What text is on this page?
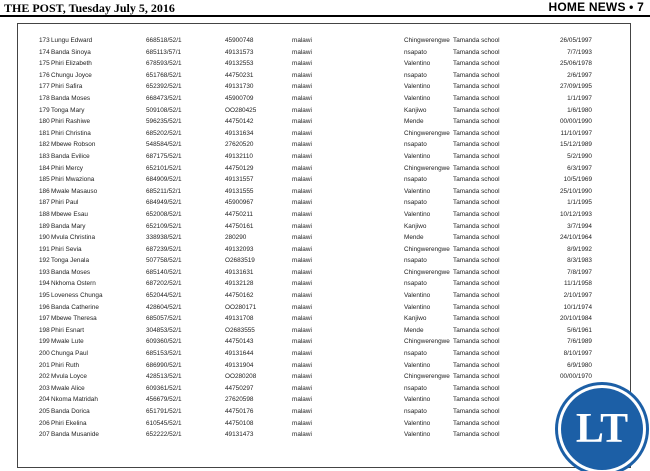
THE POST, Tuesday July 5, 2016	HOME NEWS • 7
173 Lungu Edward	668518/52/1	45900748	malawi	Chingwerengwe Tamanda school	26/05/1997
174 Banda Sinoya	685113/57/1	49131573	malawi	nsapato	Tamanda school	7/7/1993
175 Phiri Elizabeth	678593/52/1	49132553	malawi	Valentino	Tamanda school	25/06/1978
176 Chungu Joyce	651768/52/1	44750231	malawi	nsapato	Tamanda school	2/6/1997
177 Phiri Safira	652392/52/1	49131730	malawi	Valentino	Tamanda school	27/09/1995
178 Banda Moses	668473/52/1	45900709	malawi	Valentino	Tamanda school	1/1/1997
179 Tonga Mary	509108/52/1	OO280425	malawi	Kanjiwo	Tamanda school	1/6/1980
180 Phiri Rashiwe	596235/52/1	44750142	malawi	Mende	Tamanda school	00/00/1990
181 Phiri Christina	685202/52/1	49131634	malawi	Chingwerengwe Tamanda school	11/10/1997
182 Mbewe Robson	548584/52/1	27620520	malawi	nsapato	Tamanda school	15/12/1989
183 Banda Evilice	687175/52/1	49132110	malawi	Valentino	Tamanda school	5/2/1990
184 Phiri Mercy	652101/52/1	44750129	malawi	Chingwerengwe Tamanda school	6/3/1997
185 Phiri Mwaziona	684909/52/1	49131557	malawi	nsapato	Tamanda school	10/5/1969
186 Mwale Masauso	685211/52/1	49131555	malawi	Valentino	Tamanda school	25/10/1990
187 Phiri Paul	684949/52/1	45900967	malawi	nsapato	Tamanda school	1/1/1995
188 Mbewe Esau	652008/52/1	44750211	malawi	Valentino	Tamanda school	10/12/1993
189 Banda Mary	652109/52/1	44750161	malawi	Kanjiwo	Tamanda school	3/7/1994
190 Mvula Christina	338938/52/1	280290	malawi	Mende	Tamanda school	24/10/1964
191 Phiri Sevia	687239/52/1	49132093	malawi	Chingwerengwe Tamanda school	8/9/1992
192 Tonga Jenala	507758/52/1	O2683519	malawi	nsapato	Tamanda school	8/3/1983
193 Banda Moses	685140/52/1	49131631	malawi	Chingwerengwe Tamanda school	7/8/1997
194 Nkhoma Ostern	687202/52/1	49132128	malawi	nsapato	Tamanda school	11/1/1958
195 Loveness Chunga	652044/52/1	44750162	malawi	Valentino	Tamanda school	2/10/1997
196 Banda Catherine	428604/52/1	OO280171	malawi	Valentino	Tamanda school	10/1/1974
197 Mbewe Theresa	685057/52/1	49131708	malawi	Kanjiwo	Tamanda school	20/10/1984
198 Phiri Esnart	304853/52/1	O2683555	malawi	Mende	Tamanda school	5/6/1961
199 Mwale Lute	609360/52/1	44750143	malawi	Chingwerengwe Tamanda school	7/6/1989
200 Chunga Paul	685153/52/1	49131644	malawi	nsapato	Tamanda school	8/10/1997
201 Phiri Ruth	686990/52/1	49131904	malawi	Valentino	Tamanda school	6/9/1980
202 Mvula Loyce	428513/52/1	OO280208	malawi	Chingwerengwe Tamanda school	00/00/1970
203 Mwale Alice	609361/52/1	44750297	malawi	nsapato	Tamanda school
204 Nkoma Matridah	456679/52/1	27620598	malawi	Valentino	Tamanda school
205 Banda Dorica	651791/52/1	44750176	malawi	nsapato	Tamanda school
206 Phiri Ekelina	610545/52/1	44750108	malawi	Valentino	Tamanda school
207 Banda Musanide	652222/52/1	49131473	malawi	Valentino	Tamanda school	LT
